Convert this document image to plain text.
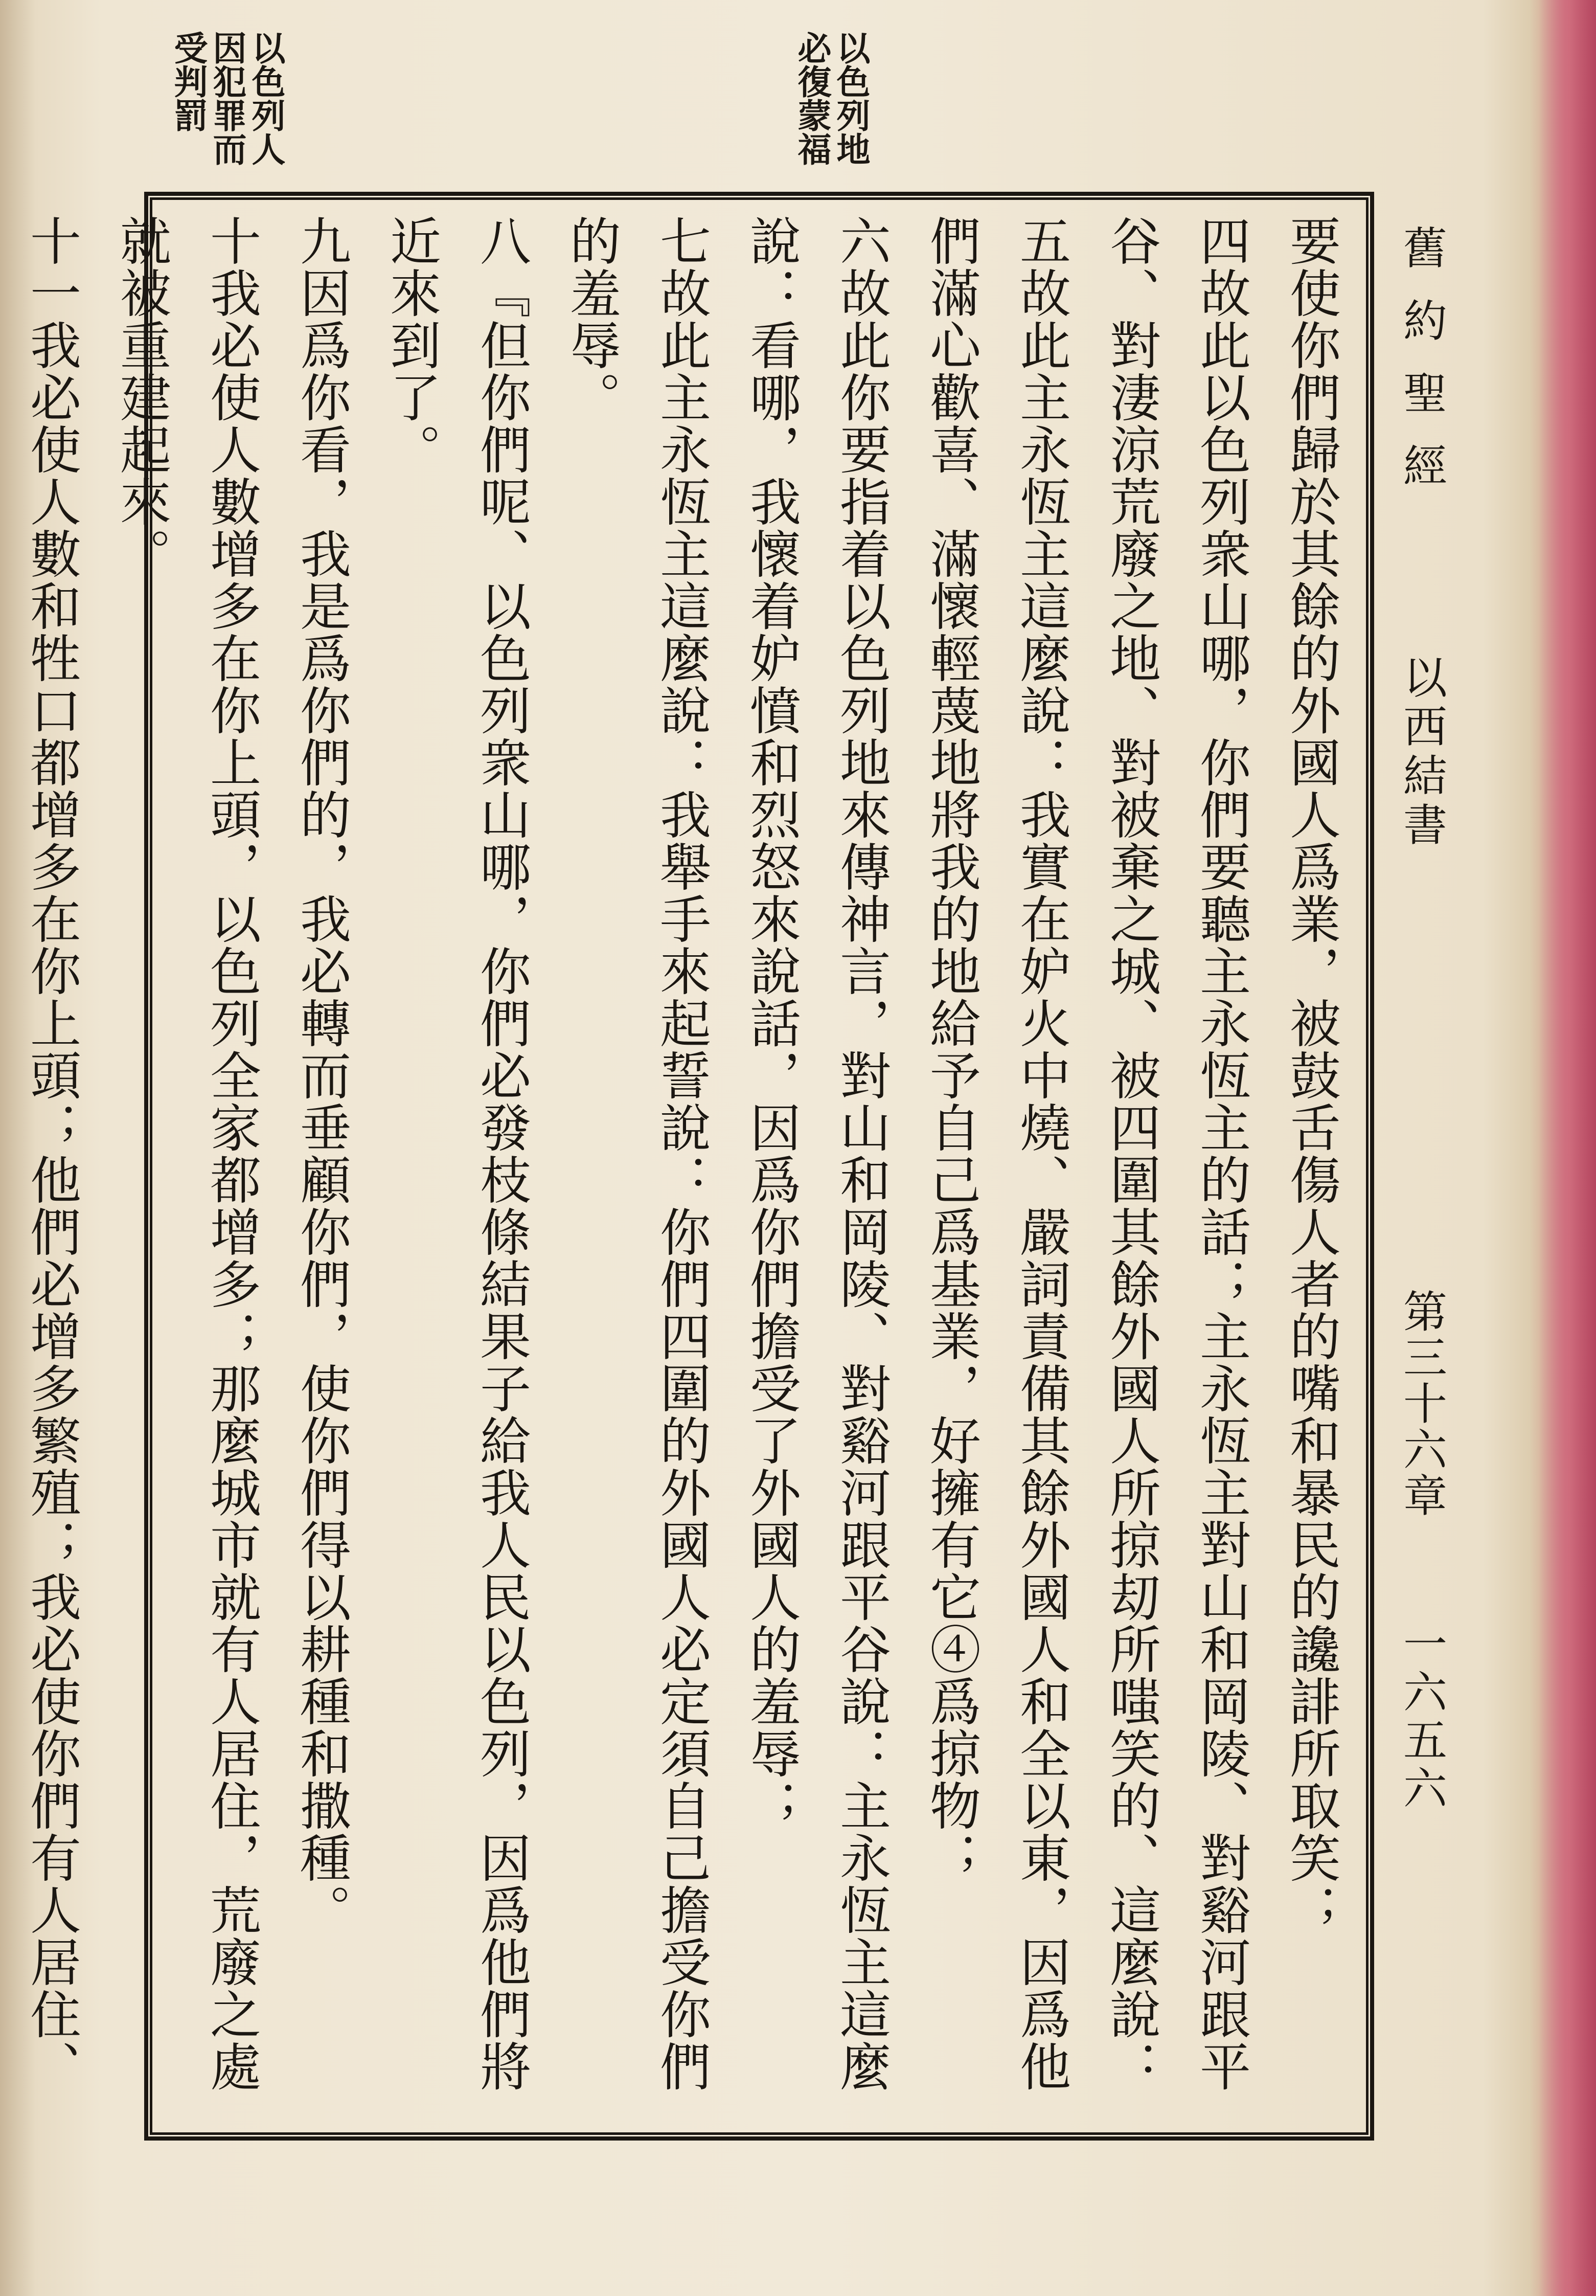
舊約聖經
以西結書
第三十六章
一六五六
以色列人
因犯罪而
受判罰	以色列地
必復蒙福

要使你們歸於其餘的外國人爲業，被鼓舌傷人者的嘴和暴民的讒誹所取笑；

四故此以色列衆山哪，你們要聽主永恆主的話；主永恆主對山和岡陵、對谿河跟平谷、對淒涼荒廢之地、對被棄之城、被四圍其餘外國人所掠刧所嗤笑的、這麼說：

五故此主永恆主這麼說：我實在妒火中燒、嚴詞責備其餘外國人和全以東，因爲他們滿心歡喜、滿懷輕蔑地將我的地給予自己爲基業，好擁有它④爲掠物；

六故此你要指着以色列地來傳神言，對山和岡陵、對谿河跟平谷說：主永恆主這麼說：看哪，我懷着妒憤和烈怒來說話，因爲你們擔受了外國人的羞辱；

七故此主永恆主這麼說：我舉手來起誓說：你們四圍的外國人必定須自己擔受你們的羞辱。

八『但你們呢、以色列衆山哪，你們必發枝條結果子給我人民以色列，因爲他們將近來到了。

九因爲你看，我是爲你們的，我必轉而垂顧你們，使你們得以耕種和撒種。

十我必使人數增多在你上頭，以色列全家都增多；那麼城市就有人居住，荒廢之處就被重建起來。

十一我必使人數和牲口都增多在你上頭；他們必增多繁殖；我必使你們有人居住、
